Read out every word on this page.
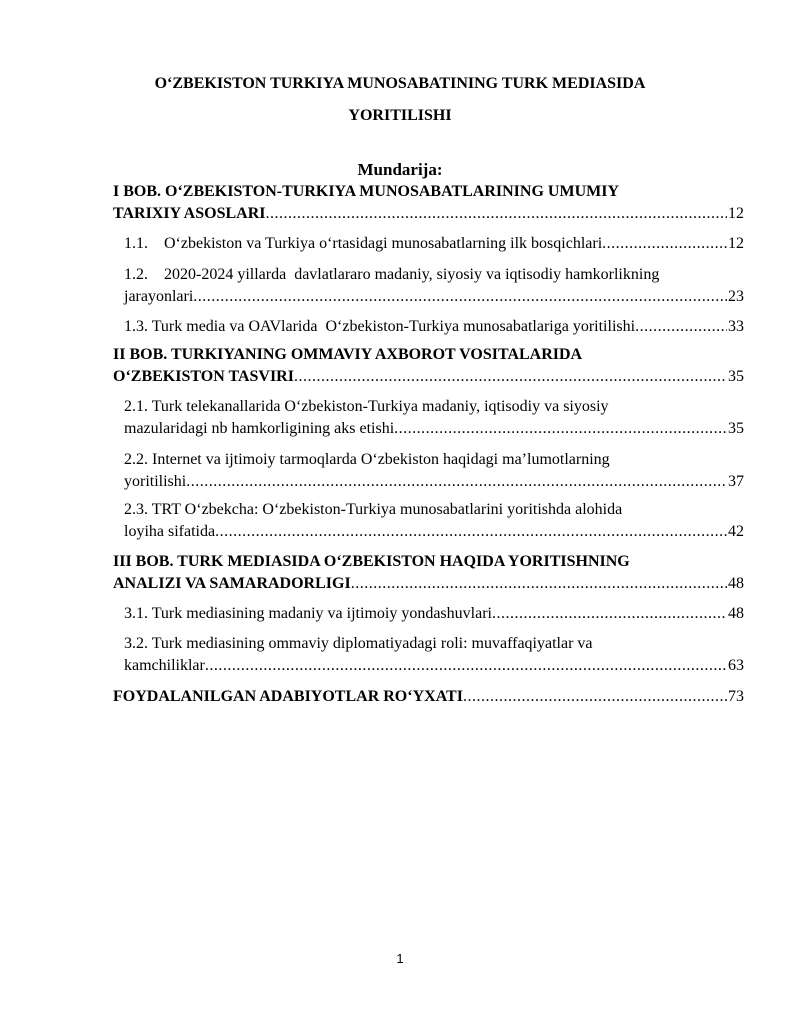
O‘ZBEKISTON TURKIYA MUNOSABATINING TURK MEDIASIDA
YORITILISHI
Mundarija:
I BOB. O‘ZBEKISTON-TURKIYA MUNOSABATLARINING UMUMIY
TARIXIY ASOSLARI .....	12
1.1.    O‘zbekiston va Turkiya o‘rtasidagi munosabatlarning ilk bosqichlari .....	12
1.2.    2020-2024 yillarda  davlatlararo madaniy, siyosiy va iqtisodiy hamkorlikning
jarayonlari .....	23
1.3. Turk media va OAVlarida  O‘zbekiston-Turkiya munosabatlariga yoritilishi .....	33
II BOB. TURKIYANING OMMAVIY AXBOROT VOSITALARIDA
O‘ZBEKISTON TASVIRI .....	35
2.1. Turk telekanallarida O‘zbekiston-Turkiya madaniy, iqtisodiy va siyosiy
mazularidagi nb hamkorligining aks etishi .....	35
2.2. Internet va ijtimoiy tarmoqlarda O‘zbekiston haqidagi ma’lumotlarning
yoritilishi .....	37
2.3. TRT O‘zbekcha: O‘zbekiston-Turkiya munosabatlarini yoritishda alohida
loyiha sifatida .....	42
III BOB. TURK MEDIASIDA O‘ZBEKISTON HAQIDA YORITISHNING
ANALIZI VA SAMARADORLIGI .....	48
3.1. Turk mediasining madaniy va ijtimoiy yondashuvlari .....	48
3.2. Turk mediasining ommaviy diplomatiyadagi roli: muvaffaqiyatlar va
kamchiliklar .....	63
FOYDALANILGAN ADABIYOTLAR RO‘YXATI .....	73
1
